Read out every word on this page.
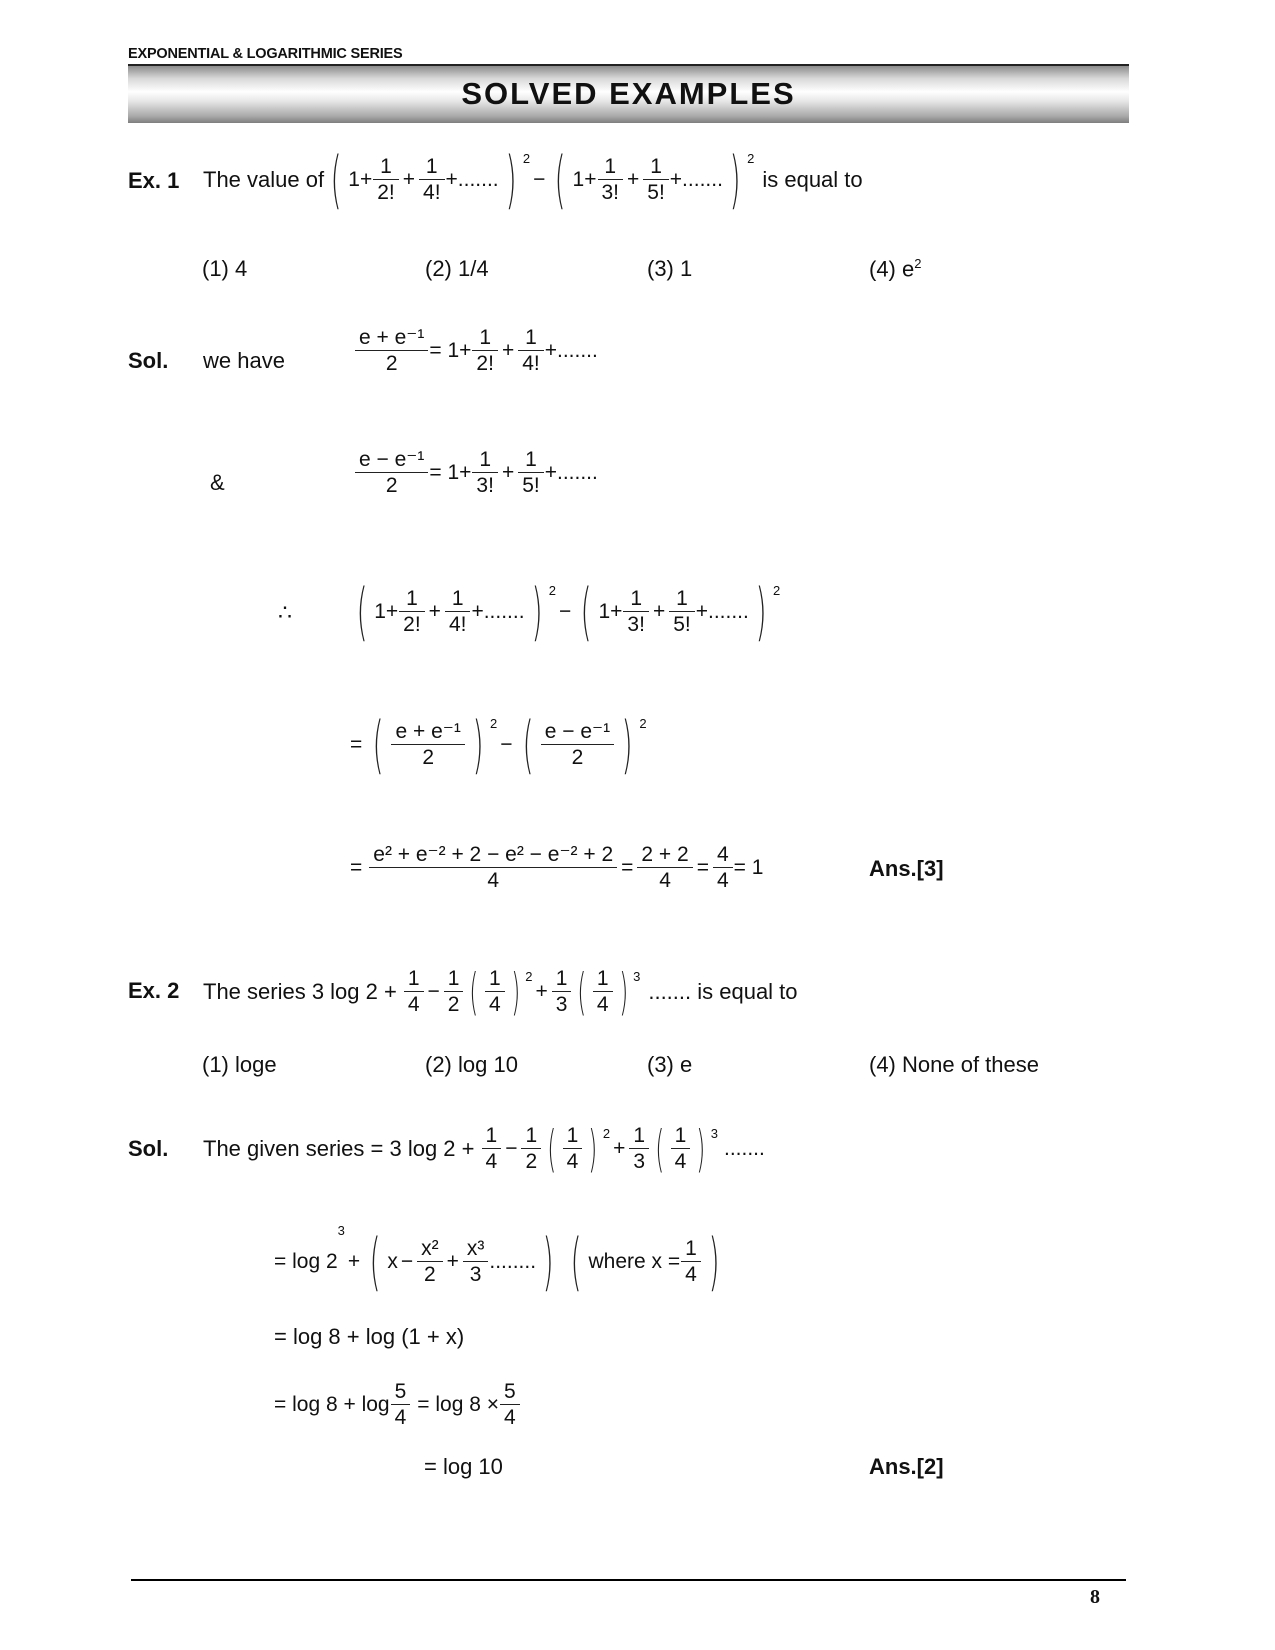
EXPONENTIAL & LOGARITHMIC SERIES
SOLVED EXAMPLES
Ex. 1 The value of ( $1+ \frac{1}{2!} + \frac{1}{4!}$ +....... ) 2
− ( $1+ \frac{1}{3!} + \frac{1}{5!}$ +....... ) 2
is equal to
(1) 4	(2) 1/4	(3) 1	(4) $e^2$
Sol. we have	$\frac{\text{e + e⁻¹}}{2} = 1+ \frac{1}{2!} + \frac{1}{4!}$ +.......
&	$\frac{\text{e − e⁻¹}}{2} = 1+ \frac{1}{3!} + \frac{1}{5!}$ +.......
∴ ( $1+ \frac{1}{2!} + \frac{1}{4!}$ +....... ) 2
− ( $1+ \frac{1}{3!} + \frac{1}{5!}$ +....... ) 2
= ( $\frac{\text{e + e⁻¹}}{2}$ ) 2
− ( $\frac{\text{e − e⁻¹}}{2}$ ) 2
= $\frac{\text{e² + e⁻² + 2 − e² − e⁻² + 2}}{4} = \frac{2 + 2}{4} = \frac{4}{4} = 1$	Ans.[3]
Ex. 2 The series 3 $\log 2 + \frac{1}{4} - \frac{1}{2}$ ( $\frac{1}{4}$ ) 2
+ $\frac{1}{3}$ ( $\frac{1}{4}$ ) 3
....... is equal to
(1) loge	(2) log 10	(3) e	(4) None of these
Sol. The given series = 3 $\log 2 + \frac{1}{4} - \frac{1}{2}$ ( $\frac{1}{4}$ ) 2
+ $\frac{1}{3}$ ( $\frac{1}{4}$ ) 3
.......
= log 2
3
+ ( $x - \frac{\text{x²}}{2} + \frac{\text{x³}}{3}$ ........ ) ( where $x = \frac{1}{4}$ )
= log 8 + log (1 + x)
= $\log 8 + \log \frac{5}{4} = \log 8 \times \frac{5}{4}$
= log 10	Ans.[2]
8
